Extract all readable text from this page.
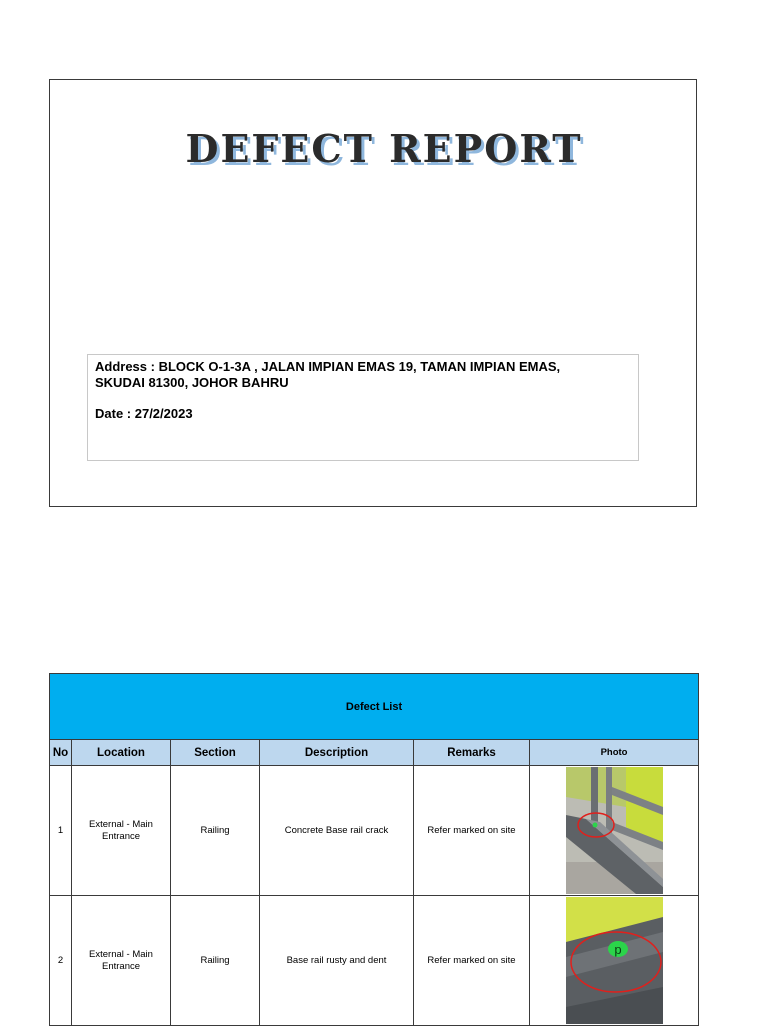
DEFECT REPORT
Address : BLOCK O-1-3A , JALAN IMPIAN EMAS 19, TAMAN IMPIAN EMAS,
SKUDAI 81300, JOHOR BAHRU
Date : 27/2/2023
Defect List					
No	Location	Section	Description	Remarks	Photo
1	External - Main Entrance	Railing	Concrete Base rail crack	Refer marked on site	

2	External - Main Entrance	Railing	Base rail rusty and dent	Refer marked on site	p
